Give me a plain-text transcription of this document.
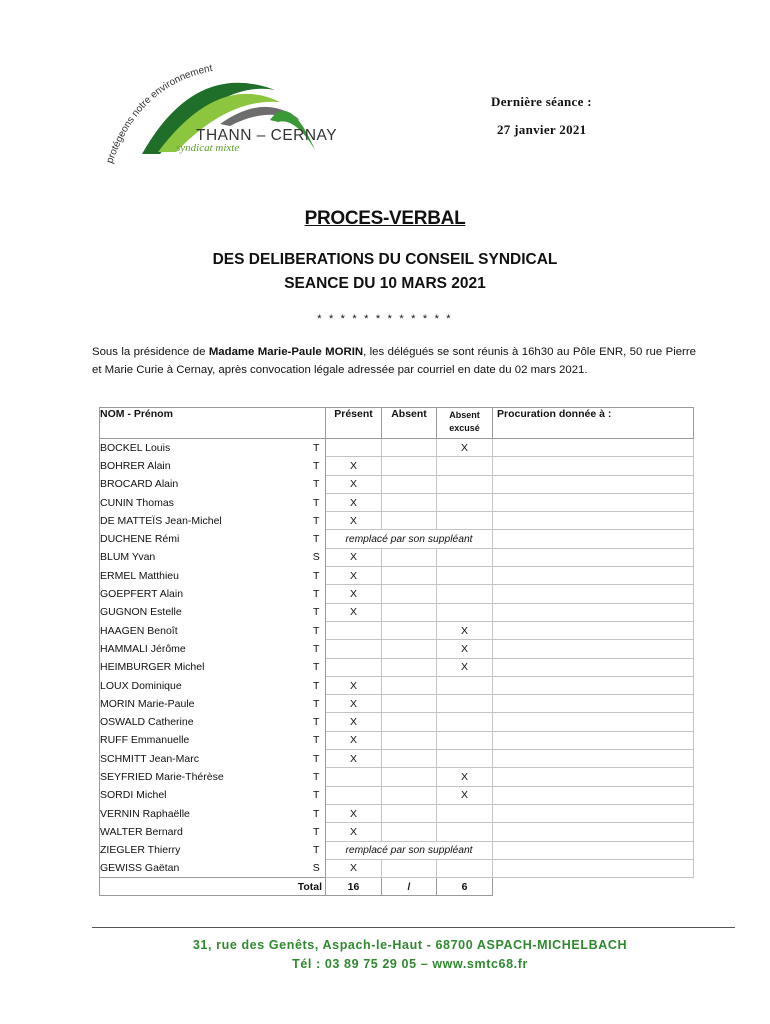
protégeons notre environnement
THANN – CERNAY
syndicat mixte
Dernière séance :
27 janvier 2021
PROCES-VERBAL
DES DELIBERATIONS DU CONSEIL SYNDICAL
SEANCE DU 10 MARS 2021
* * * * * * * * * * * *
Sous la présidence de Madame Marie-Paule MORIN, les délégués se sont réunis à 16h30 au Pôle ENR, 50 rue Pierre et Marie Curie à Cernay, après convocation légale adressée par courriel en date du 02 mars 2021.
NOM - Prénom			Présent	Absent	Absent
excusé	Procuration donnée à :
BOCKEL Louis	T				X	
BOHRER Alain	T		X			
BROCARD Alain	T		X			
CUNIN Thomas	T		X			
DE MATTEÏS Jean-Michel	T		X			
DUCHENE Rémi	T		remplacé par son suppléant			
BLUM Yvan	S		X			
ERMEL Matthieu	T		X			
GOEPFERT Alain	T		X			
GUGNON Estelle	T		X			
HAAGEN Benoît	T				X	
HAMMALI Jérôme	T				X	
HEIMBURGER Michel	T				X	
LOUX Dominique	T		X			
MORIN Marie-Paule	T		X			
OSWALD Catherine	T		X			
RUFF Emmanuelle	T		X			
SCHMITT Jean-Marc	T		X			
SEYFRIED Marie-Thérèse	T				X	
SORDI Michel	T				X	
VERNIN Raphaëlle	T		X			
WALTER Bernard	T		X			
ZIEGLER Thierry	T		remplacé par son suppléant			
GEWISS Gaëtan	S		X			
Total			16	/	6	
31, rue des Genêts, Aspach-le-Haut - 68700 ASPACH-MICHELBACH
Tél : 03 89 75 29 05 – www.smtc68.fr
